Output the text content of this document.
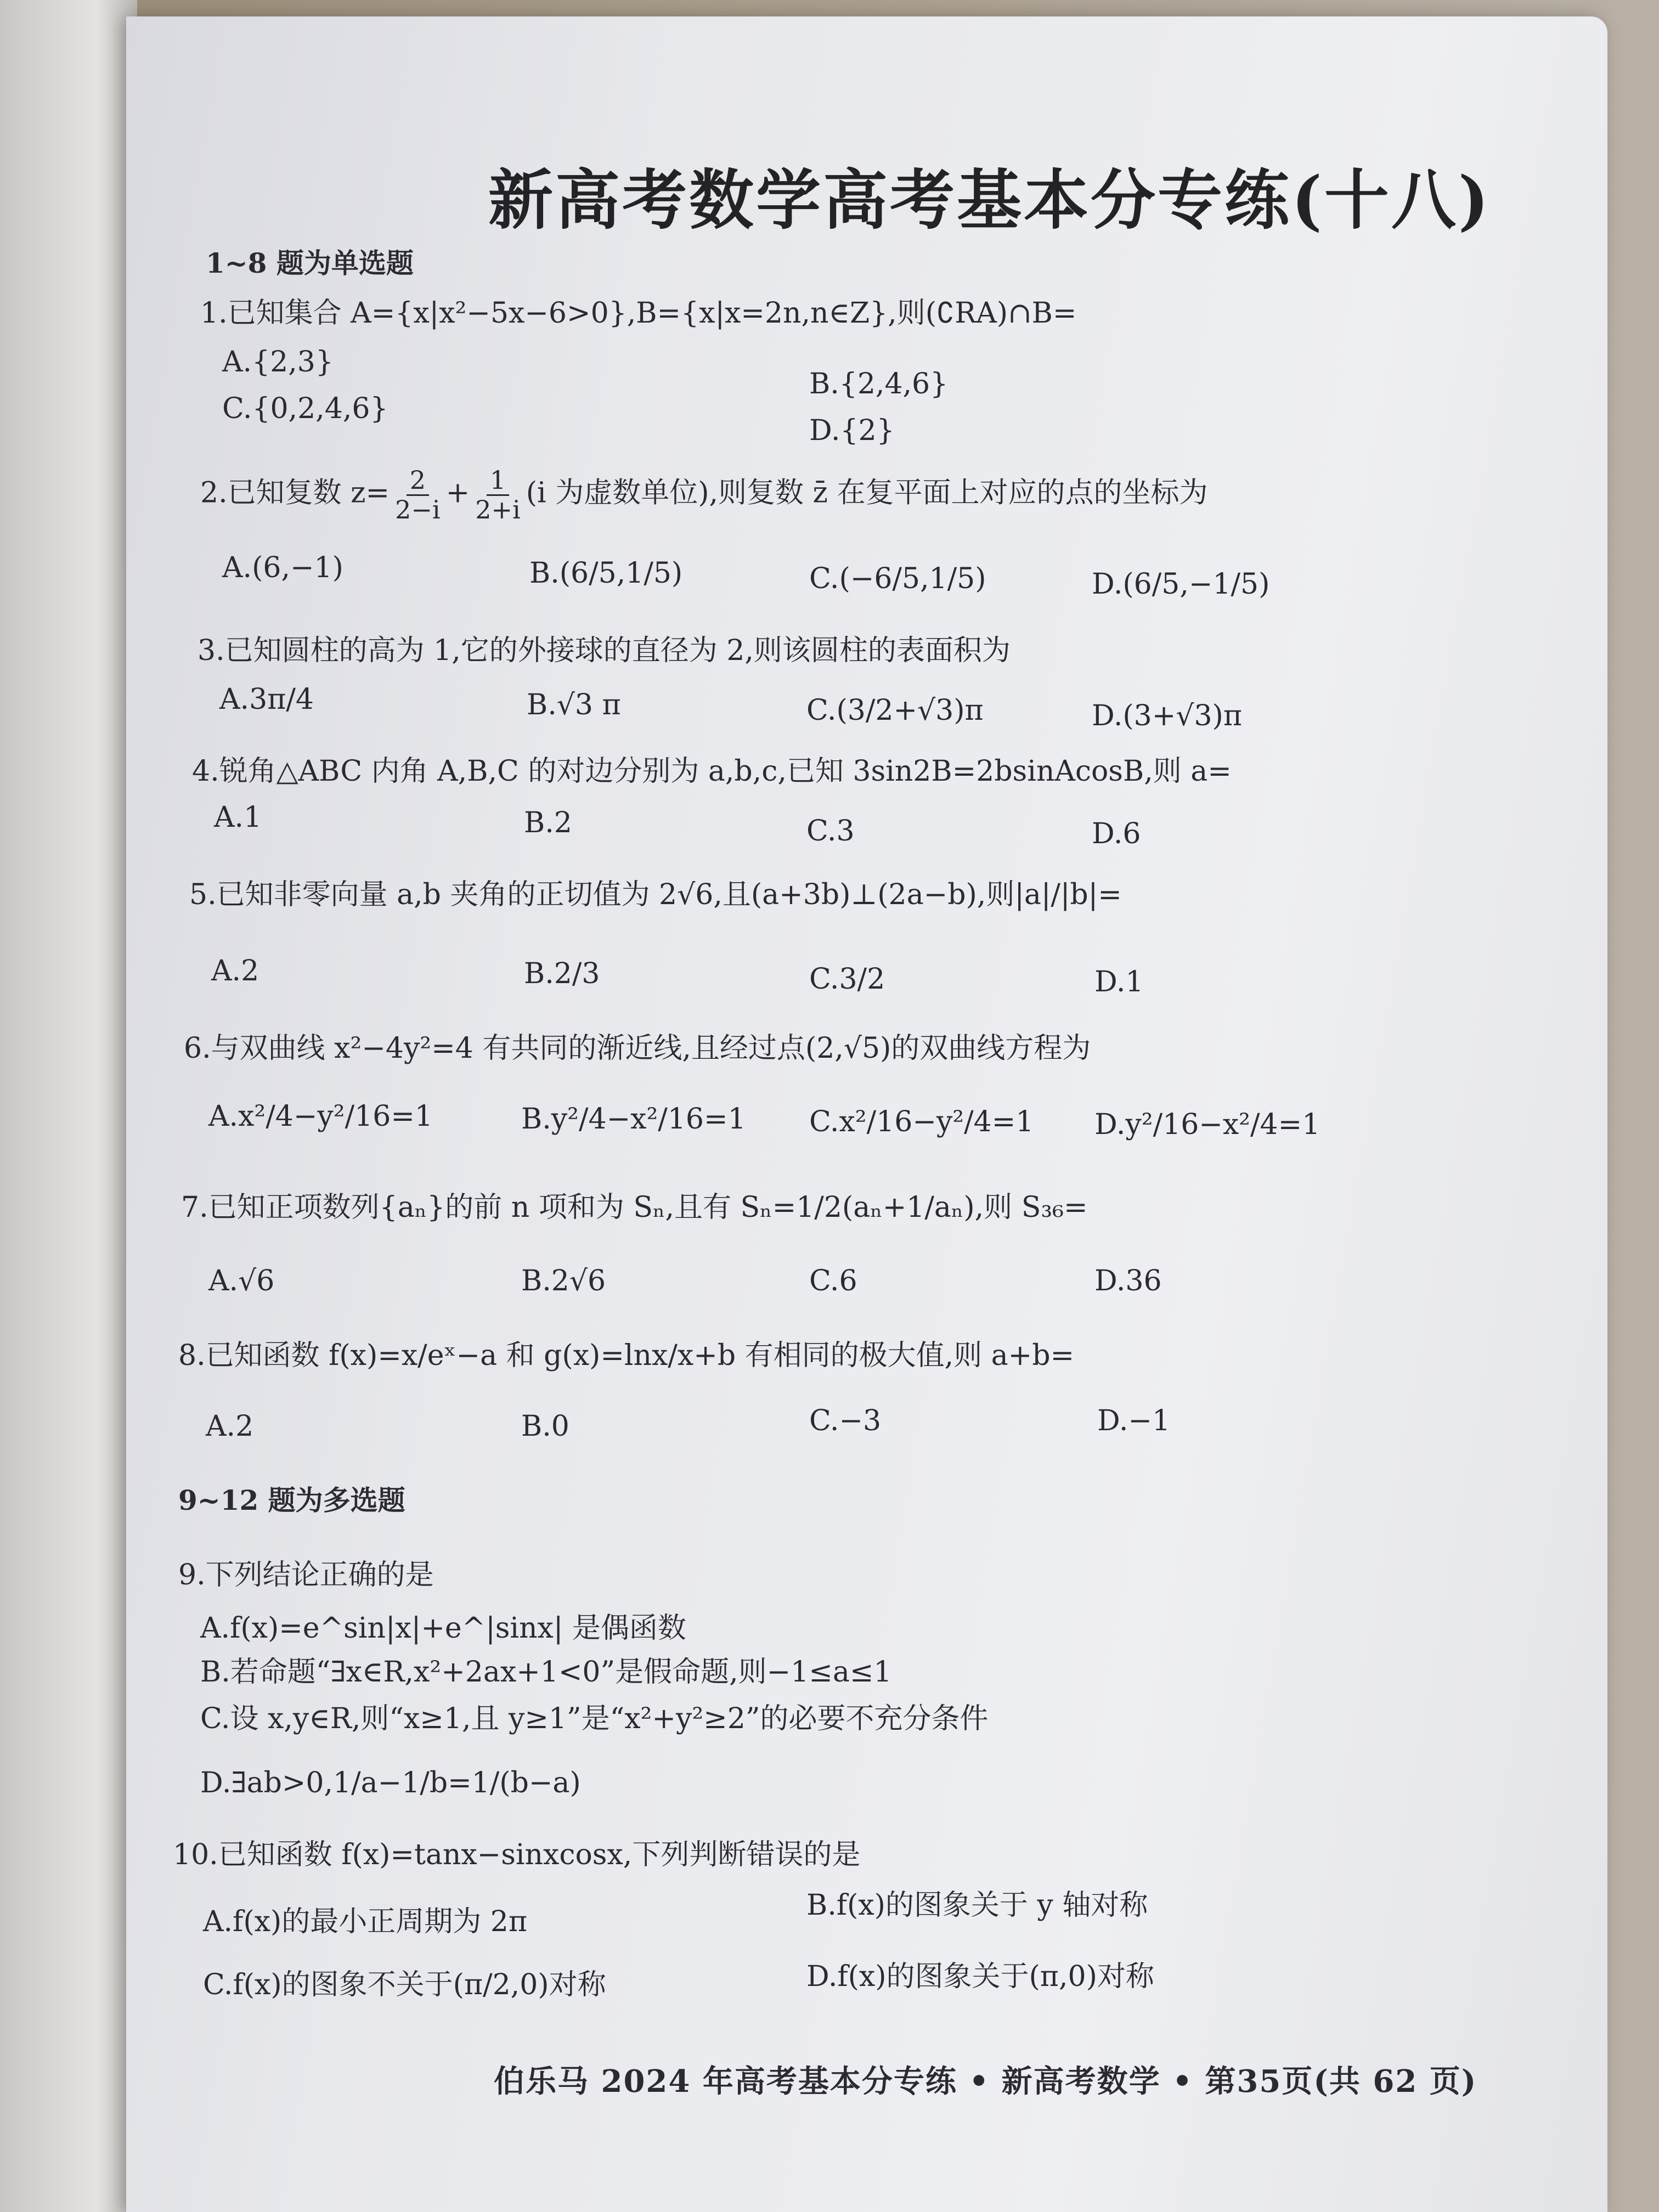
新高考数学高考基本分专练(十八)
1~8 题为单选题
1.已知集合 A={x|x²−5x−6>0},B={x|x=2n,n∈Z},则(∁RA)∩B=
A.{2,3}
B.{2,4,6}
C.{0,2,4,6}
D.{2}
2.已知复数 $z= \frac{2}{2-i} + \frac{1}{2+i} (i$ 为虚数单位),则复数 z̄ 在复平面上对应的点的坐标为
A.(6,−1)	B.(6/5,1/5)	C.(−6/5,1/5)	D.(6/5,−1/5)
3.已知圆柱的高为 1,它的外接球的直径为 2,则该圆柱的表面积为
A.3π/4	B.√3 π	C.(3/2+√3)π	D.(3+√3)π
4.锐角△ABC 内角 A,B,C 的对边分别为 a,b,c,已知 3sin2B=2bsinAcosB,则 a=
A.1	B.2	C.3	D.6
5.已知非零向量 a,b 夹角的正切值为 2√6,且(a+3b)⊥(2a−b),则|a|/|b|=
A.2	B.2/3	C.3/2	D.1
6.与双曲线 x²−4y²=4 有共同的渐近线,且经过点(2,√5)的双曲线方程为
A.x²/4−y²/16=1	B.y²/4−x²/16=1 C.x²/16−y²/4=1 D.y²/16−x²/4=1
7.已知正项数列{aₙ}的前 n 项和为 Sₙ,且有 Sₙ=1/2(aₙ+1/aₙ),则 S₃₆=
A.√6	B.2√6	C.6	D.36
8.已知函数 f(x)=x/eˣ−a 和 g(x)=lnx/x+b 有相同的极大值,则 a+b=
A.2	B.0	C.−3	D.−1
9~12 题为多选题
9.下列结论正确的是
A.f(x)=e^sin|x|+e^|sinx| 是偶函数
B.若命题“∃x∈R,x²+2ax+1<0”是假命题,则−1≤a≤1
C.设 x,y∈R,则“x≥1,且 y≥1”是“x²+y²≥2”的必要不充分条件
D.∃ab>0,1/a−1/b=1/(b−a)
10.已知函数 f(x)=tanx−sinxcosx,下列判断错误的是
A.f(x)的最小正周期为 2π	B.f(x)的图象关于 y 轴对称
C.f(x)的图象不关于(π/2,0)对称	D.f(x)的图象关于(π,0)对称
伯乐马 2024 年高考基本分专练 • 新高考数学 • 第35页(共 62 页)
